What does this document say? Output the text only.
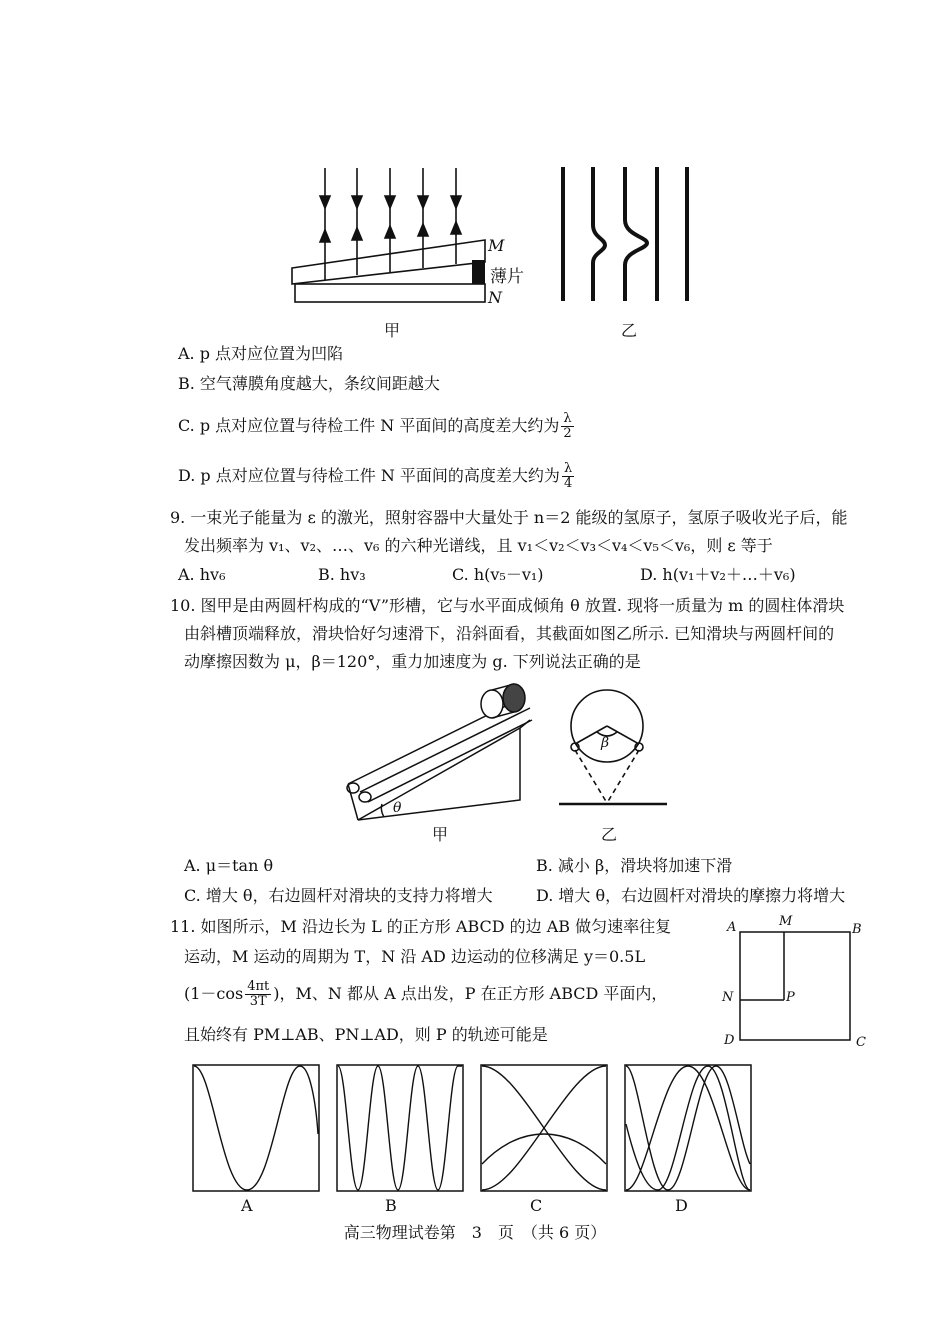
M
薄片
N
甲	乙
A. p 点对应位置为凹陷
B. 空气薄膜角度越大，条纹间距越大
C. p 点对应位置与待检工件 N 平面间的高度差大约为 $\frac{\lambda}{2}$
D. p 点对应位置与待检工件 N 平面间的高度差大约为 $\frac{\lambda}{4}$
9. 一束光子能量为 ε 的激光，照射容器中大量处于 n＝2 能级的氢原子，氢原子吸收光子后，能
发出频率为 v₁、v₂、…、v₆ 的六种光谱线，且 v₁＜v₂＜v₃＜v₄＜v₅＜v₆，则 ε 等于
A. hv₆	B. hv₃	C. h(v₅－v₁)	D. h(v₁＋v₂＋…＋v₆)
10. 图甲是由两圆杆构成的“V”形槽，它与水平面成倾角 θ 放置. 现将一质量为 m 的圆柱体滑块
由斜槽顶端释放，滑块恰好匀速滑下，沿斜面看，其截面如图乙所示. 已知滑块与两圆杆间的
动摩擦因数为 μ，β＝120°，重力加速度为 g. 下列说法正确的是
θ
甲
β
乙
A. μ＝tan θ	B. 减小 β，滑块将加速下滑
C. 增大 θ，右边圆杆对滑块的支持力将增大	D. 增大 θ，右边圆杆对滑块的摩擦力将增大
11. 如图所示，M 沿边长为 L 的正方形 ABCD 的边 AB 做匀速率往复
运动，M 运动的周期为 T，N 沿 AD 边运动的位移满足 y＝0.5L
($1-\cos \frac{4\pi t}{3T}$ )，M、N 都从 A 点出发，P 在正方形 ABCD 平面内，
且始终有 PM⊥AB、PN⊥AD，则 P 的轨迹可能是
A	M
B
N	P
D	C
A	B	C	D
高三物理试卷第　3　页　（共 6 页）
